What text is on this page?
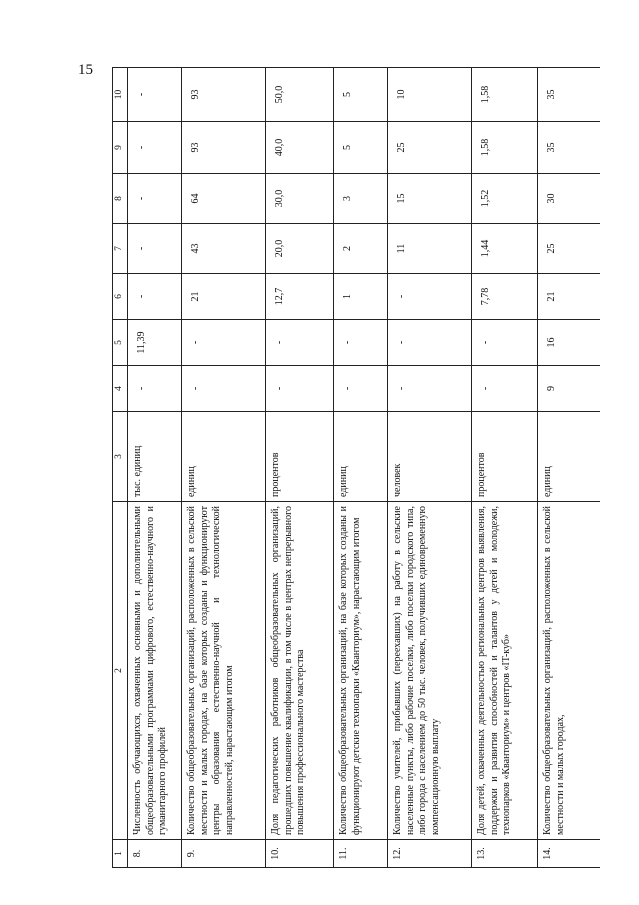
15
1	2	3	4	5	6	7	8	9	10
8.	Численность обучающихся, охваченных основными и дополнительными общеобразовательными программами цифрового, естественно-научного и гуманитарного профилей	тыс. единиц	-	11,39	-	-	-	-	-
9.	Количество общеобразовательных организаций, расположенных в сельской местности и малых городах, на базе которых созданы и функционируют центры образования естественно-научной и технологической направленностей, нарастающим итогом	единиц	-	-	21	43	64	93	93
10.	Доля педагогических работников общеобразовательных организаций, прошедших повышение квалификации, в том числе в центрах непрерывного повышения профессионального мастерства	процентов	-	-	12,7	20,0	30,0	40,0	50,0
11.	Количество общеобразовательных организаций, на базе которых созданы и функционируют детские технопарки «Кванториум», нарастающим итогом	единиц	-	-	1	2	3	5	5
12.	Количество учителей, прибывших (переехавших) на работу в сельские населенные пункты, либо рабочие поселки, либо поселки городского типа, либо города с населением до 50 тыс. человек, получивших единовременную компенсационную выплату	человек	-	-	-	11	15	25	10
13.	Доля детей, охваченных деятельностью региональных центров выявления, поддержки и развития способностей и талантов у детей и молодежи, технопарков «Кванториум» и центров «IT-куб»	процентов	-	-	7,78	1,44	1,52	1,58	1,58
14.	Количество общеобразовательных организаций, расположенных в сельской местности и малых городах,	единиц	9	16	21	25	30	35	35
